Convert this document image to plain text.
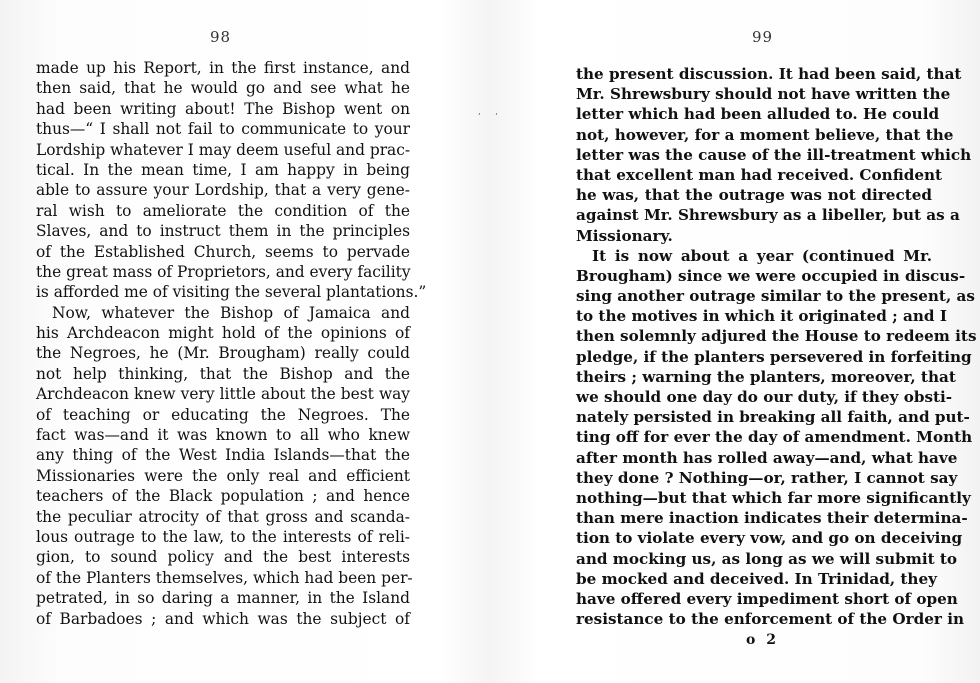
98
made up his Report, in the first instance, and
then said, that he would go and see what he
had been writing about! The Bishop went on
thus—“ I shall not fail to communicate to your
Lordship whatever I may deem useful and prac-
tical. In the mean time, I am happy in being
able to assure your Lordship, that a very gene-
ral wish to ameliorate the condition of the
Slaves, and to instruct them in the principles
of the Established Church, seems to pervade
the great mass of Proprietors, and every facility
is afforded me of visiting the several plantations.”
Now, whatever the Bishop of Jamaica and
his Archdeacon might hold of the opinions of
the Negroes, he (Mr. Brougham) really could
not help thinking, that the Bishop and the
Archdeacon knew very little about the best way
of teaching or educating the Negroes. The
fact was—and it was known to all who knew
any thing of the West India Islands—that the
Missionaries were the only real and efficient
teachers of the Black population ; and hence
the peculiar atrocity of that gross and scanda-
lous outrage to the law, to the interests of reli-
gion, to sound policy and the best interests
of the Planters themselves, which had been per-
petrated, in so daring a manner, in the Island
of Barbadoes ; and which was the subject of
’ ’
99
the present discussion. It had been said, that
Mr. Shrewsbury should not have written the
letter which had been alluded to. He could
not, however, for a moment believe, that the
letter was the cause of the ill-treatment which
that excellent man had received. Confident
he was, that the outrage was not directed
against Mr. Shrewsbury as a libeller, but as a
Missionary.
It is now about a year (continued Mr.
Brougham) since we were occupied in discus-
sing another outrage similar to the present, as
to the motives in which it originated ; and I
then solemnly adjured the House to redeem its
pledge, if the planters persevered in forfeiting
theirs ; warning the planters, moreover, that
we should one day do our duty, if they obsti-
nately persisted in breaking all faith, and put-
ting off for ever the day of amendment. Month
after month has rolled away—and, what have
they done ? Nothing—or, rather, I cannot say
nothing—but that which far more significantly
than mere inaction indicates their determina-
tion to violate every vow, and go on deceiving
and mocking us, as long as we will submit to
be mocked and deceived. In Trinidad, they
have offered every impediment short of open
resistance to the enforcement of the Order in
o 2
